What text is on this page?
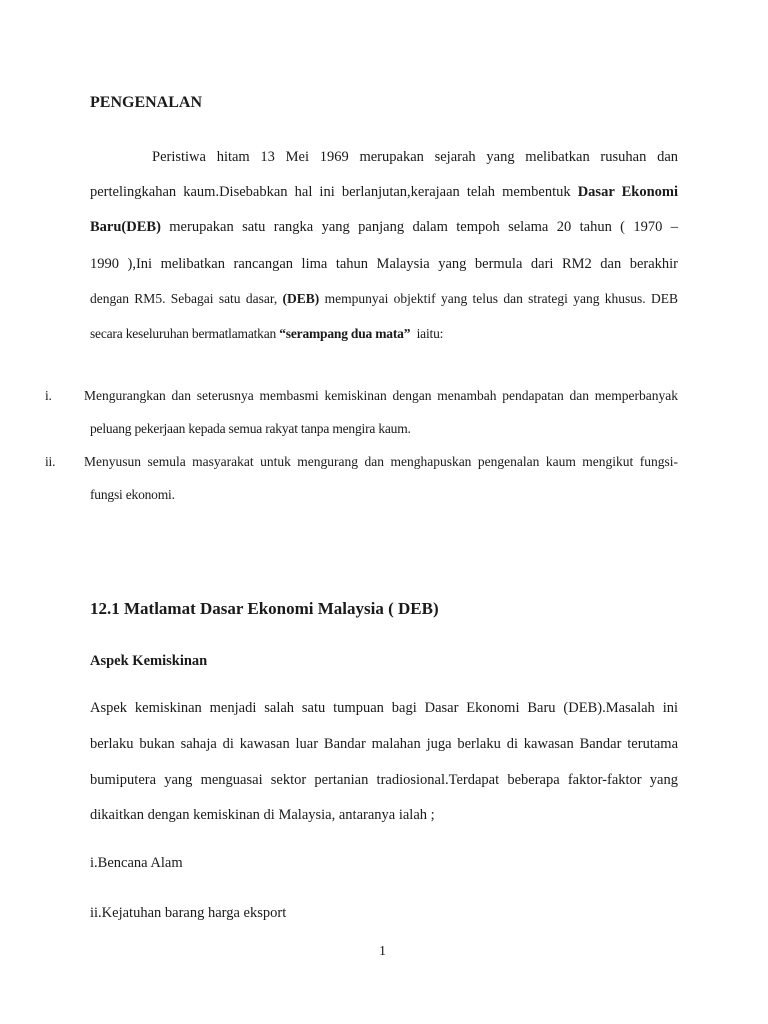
PENGENALAN
Peristiwa hitam 13 Mei 1969 merupakan sejarah yang melibatkan rusuhan dan
pertelingkahan kaum.Disebabkan hal ini berlanjutan,kerajaan telah membentuk Dasar Ekonomi
Baru(DEB) merupakan satu rangka yang panjang dalam tempoh selama 20 tahun ( 1970 –
1990 ),Ini melibatkan rancangan lima tahun Malaysia yang bermula dari RM2 dan berakhir
dengan RM5. Sebagai satu dasar, (DEB) mempunyai objektif yang telus dan strategi yang khusus. DEB
secara keseluruhan bermatlamatkan “serampang dua mata” iaitu:
i. Mengurangkan dan seterusnya membasmi kemiskinan dengan menambah pendapatan dan memperbanyak
peluang pekerjaan kepada semua rakyat tanpa mengira kaum.
ii. Menyusun semula masyarakat untuk mengurang dan menghapuskan pengenalan kaum mengikut fungsi-
fungsi ekonomi.
12.1 Matlamat Dasar Ekonomi Malaysia ( DEB)
Aspek Kemiskinan
Aspek kemiskinan menjadi salah satu tumpuan bagi Dasar Ekonomi Baru (DEB).Masalah ini
berlaku bukan sahaja di kawasan luar Bandar malahan juga berlaku di kawasan Bandar terutama
bumiputera yang menguasai sektor pertanian tradiosional.Terdapat beberapa faktor-faktor yang
dikaitkan dengan kemiskinan di Malaysia, antaranya ialah ;
i.Bencana Alam
ii.Kejatuhan barang harga eksport
1
